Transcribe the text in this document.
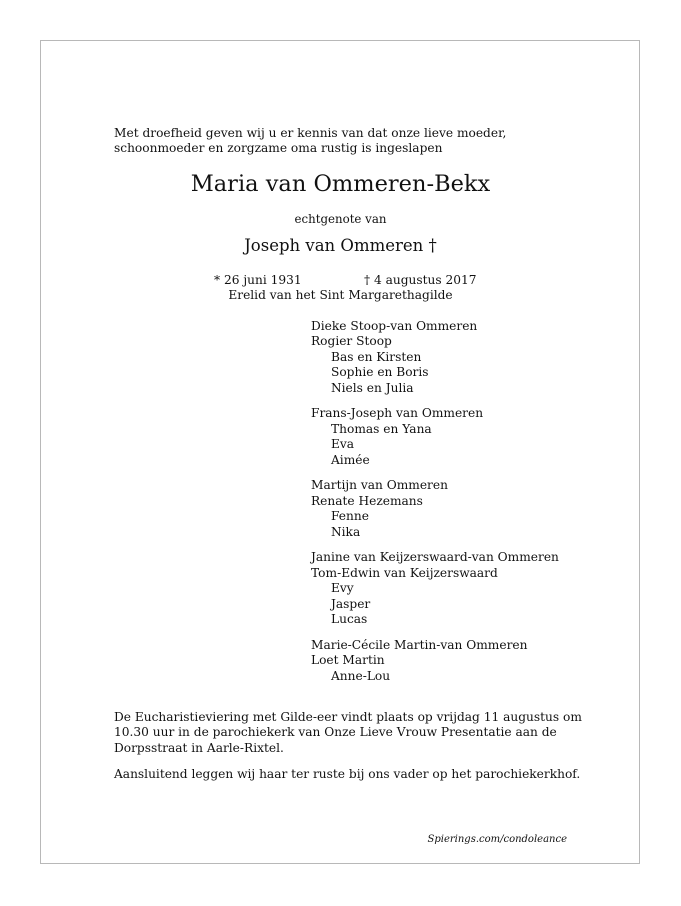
Met droefheid geven wij u er kennis van dat onze lieve moeder,
schoonmoeder en zorgzame oma rustig is ingeslapen
Maria van Ommeren-Bekx
echtgenote van
Joseph van Ommeren †
* 26 juni 1931	† 4 augustus 2017
Erelid van het Sint Margarethagilde
Dieke Stoop-van Ommeren
Rogier Stoop
Bas en Kirsten
Sophie en Boris
Niels en Julia
Frans-Joseph van Ommeren
Thomas en Yana
Eva
Aimée
Martijn van Ommeren
Renate Hezemans
Fenne
Nika
Janine van Keijzerswaard-van Ommeren
Tom-Edwin van Keijzerswaard
Evy
Jasper
Lucas
Marie-Cécile Martin-van Ommeren
Loet Martin
Anne-Lou
De Eucharistieviering met Gilde-eer vindt plaats op vrijdag 11 augustus om
10.30 uur in de parochiekerk van Onze Lieve Vrouw Presentatie aan de
Dorpsstraat in Aarle-Rixtel.
Aansluitend leggen wij haar ter ruste bij ons vader op het parochiekerkhof.
Spierings.com/condoleance
